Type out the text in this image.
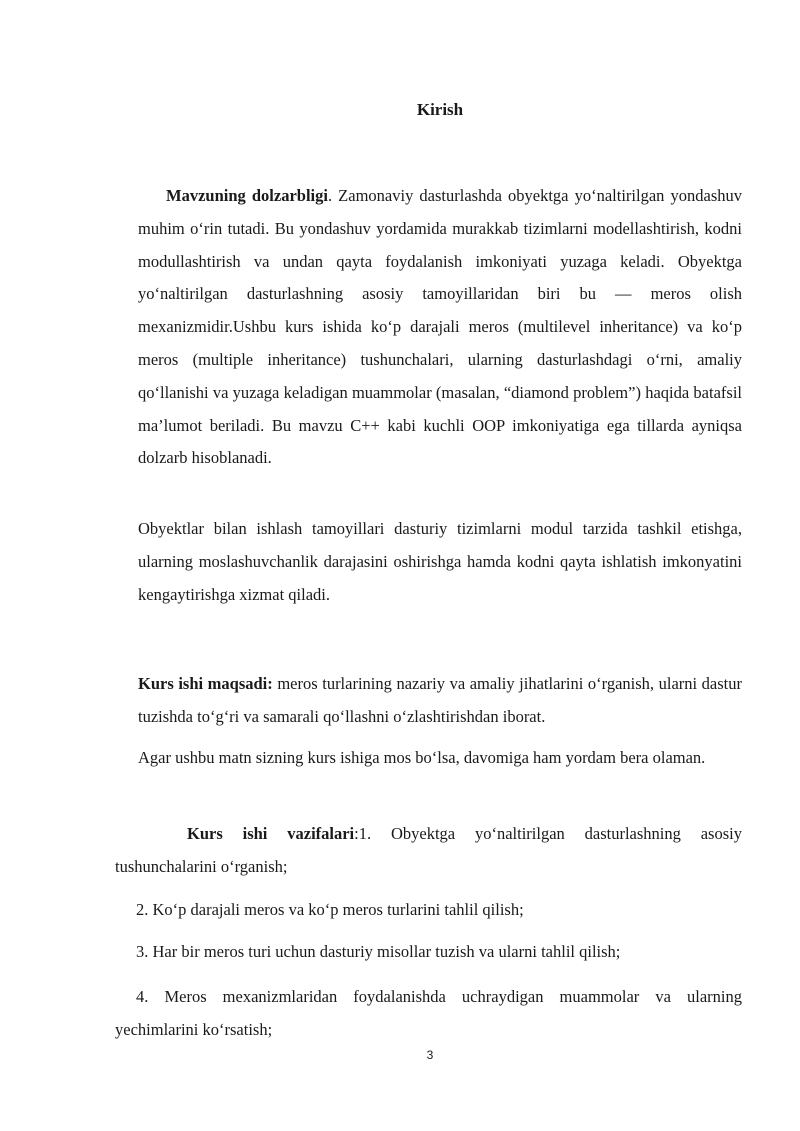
Kirish
Mavzuning dolzarbligi. Zamonaviy dasturlashda obyektga yo‘naltirilgan yondashuv muhim o‘rin tutadi. Bu yondashuv yordamida murakkab tizimlarni modellashtirish, kodni modullashtirish va undan qayta foydalanish imkoniyati yuzaga keladi. Obyektga yo‘naltirilgan dasturlashning asosiy tamoyillaridan biri bu — meros olish mexanizmidir.Ushbu kurs ishida ko‘p darajali meros (multilevel inheritance) va ko‘p meros (multiple inheritance) tushunchalari, ularning dasturlashdagi o‘rni, amaliy qo‘llanishi va yuzaga keladigan muammolar (masalan, “diamond problem”) haqida batafsil ma’lumot beriladi. Bu mavzu C++ kabi kuchli OOP imkoniyatiga ega tillarda ayniqsa dolzarb hisoblanadi.
Obyektlar bilan ishlash tamoyillari dasturiy tizimlarni modul tarzida tashkil etishga, ularning moslashuvchanlik darajasini oshirishga hamda kodni qayta ishlatish imkonyatini kengaytirishga xizmat qiladi.
Kurs ishi maqsadi: meros turlarining nazariy va amaliy jihatlarini o‘rganish, ularni dastur tuzishda to‘g‘ri va samarali qo‘llashni o‘zlashtirishdan iborat.
Agar ushbu matn sizning kurs ishiga mos bo‘lsa, davomiga ham yordam bera olaman.
Kurs ishi vazifalari:1. Obyektga yo‘naltirilgan dasturlashning asosiy tushunchalarini o‘rganish;
2. Ko‘p darajali meros va ko‘p meros turlarini tahlil qilish;
3. Har bir meros turi uchun dasturiy misollar tuzish va ularni tahlil qilish;
4. Meros mexanizmlaridan foydalanishda uchraydigan muammolar va ularning yechimlarini ko‘rsatish;
3
